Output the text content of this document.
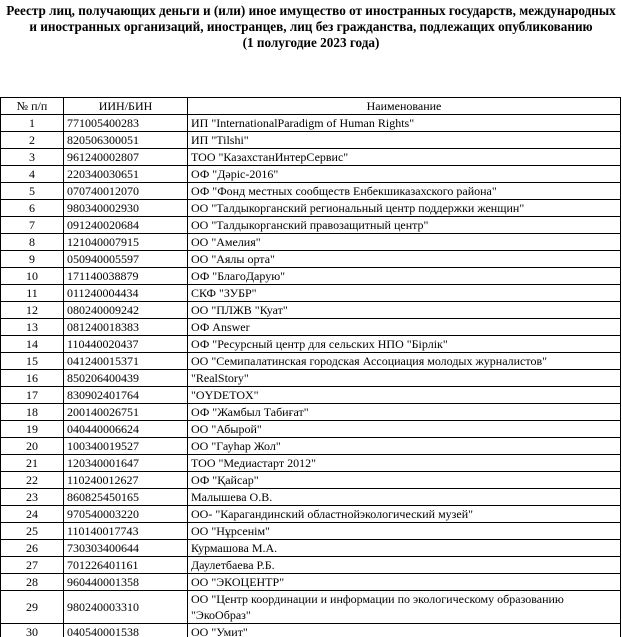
Реестр лиц, получающих деньги и (или) иное имущество от иностранных государств, международных
и иностранных организаций, иностранцев, лиц без гражданства, подлежащих опубликованию
(1 полугодие 2023 года)
№ п/п	ИИН/БИН	Наименование
1	771005400283	ИП "InternationalParadigm of Human Rights"
2	820506300051	ИП "Tilshi"
3	961240002807	ТОО "КазахстанИнтерСервис"
4	220340030651	ОФ "Дәріс-2016"
5	070740012070	ОФ "Фонд местных сообществ Енбекшиказахского района"
6	980340002930	ОО "Талдыкорганский региональный центр поддержки женщин"
7	091240020684	ОО "Талдыкорганский правозащитный центр"
8	121040007915	ОО "Амелия"
9	050940005597	ОО "Аялы орта"
10	171140038879	ОФ "БлагоДарую"
11	011240004434	СКФ "ЗУБР"
12	080240009242	ОО "ПЛЖВ "Куат"
13	081240018383	ОФ Answer
14	110440020437	ОФ "Ресурсный центр для сельских НПО "Бірлік"
15	041240015371	ОО "Семипалатинская городская Ассоциация молодых журналистов"
16	850206400439	"RealStory"
17	830902401764	"OYDETOX"
18	200140026751	ОФ "Жамбыл Табиғат"
19	040440006624	ОО "Абырой"
20	100340019527	ОО "Гауһар Жол"
21	120340001647	ТОО "Медиастарт 2012"
22	110240012627	ОФ "Қайсар"
23	860825450165	Малышева О.В.
24	970540003220	ОО- "Карагандинский областнойэкологический музей"
25	110140017743	ОО "Нұрсенім"
26	730303400644	Курмашова М.А.
27	701226401161	Даулетбаева Р.Б.
28	960440001358	ОО "ЭКОЦЕНТР"
29	980240003310	ОО "Центр координации и информации по экологическому образованию "ЭкоОбраз"
30	040540001538	ОО "Умит"
